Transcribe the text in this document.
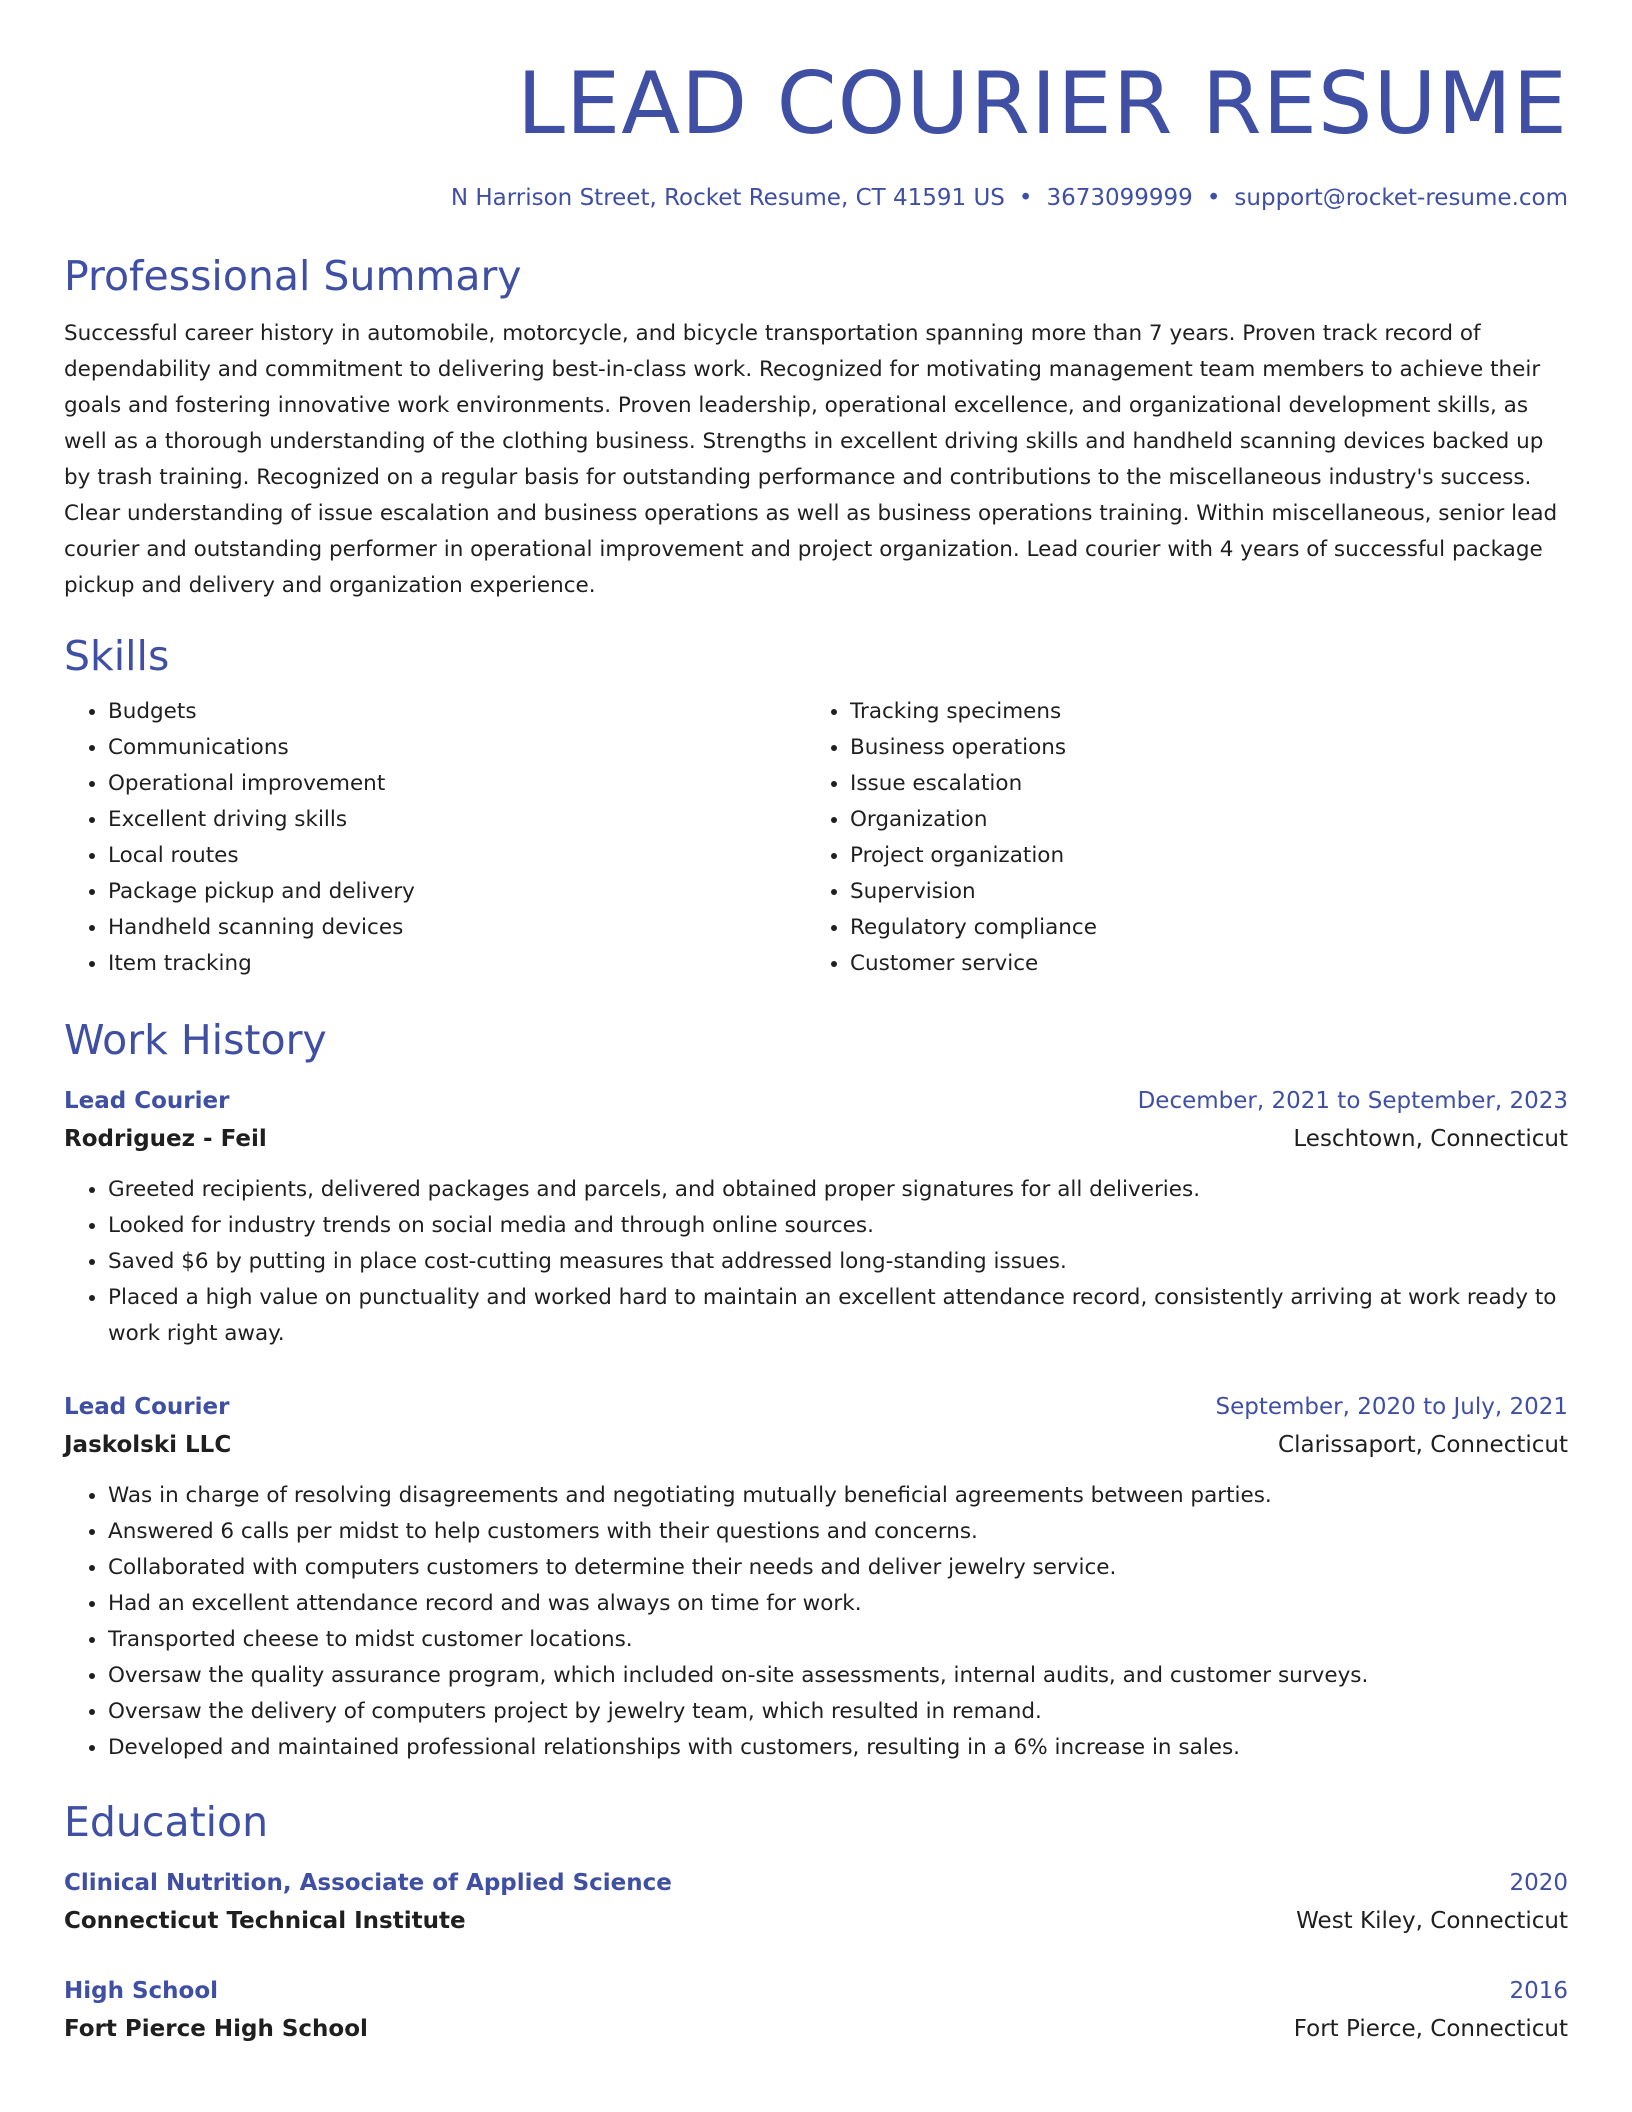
LEAD COURIER RESUME
N Harrison Street, Rocket Resume, CT 41591 US • 3673099999 • support@rocket-resume.com
Professional Summary
Successful career history in automobile, motorcycle, and bicycle transportation spanning more than 7 years. Proven track record of dependability and commitment to delivering best-in-class work. Recognized for motivating management team members to achieve their goals and fostering innovative work environments. Proven leadership, operational excellence, and organizational development skills, as well as a thorough understanding of the clothing business. Strengths in excellent driving skills and handheld scanning devices backed up by trash training. Recognized on a regular basis for outstanding performance and contributions to the miscellaneous industry's success. Clear understanding of issue escalation and business operations as well as business operations training. Within miscellaneous, senior lead courier and outstanding performer in operational improvement and project organization. Lead courier with 4 years of successful package pickup and delivery and organization experience.
Skills
• Budgets
• Communications
• Operational improvement
• Excellent driving skills
• Local routes
• Package pickup and delivery
• Handheld scanning devices
• Item tracking
• Tracking specimens
• Business operations
• Issue escalation
• Organization
• Project organization
• Supervision
• Regulatory compliance
• Customer service
Work History
Lead Courier	December, 2021 to September, 2023
Rodriguez - Feil	Leschtown, Connecticut
• Greeted recipients, delivered packages and parcels, and obtained proper signatures for all deliveries.
• Looked for industry trends on social media and through online sources.
• Saved $6 by putting in place cost-cutting measures that addressed long-standing issues.
• Placed a high value on punctuality and worked hard to maintain an excellent attendance record, consistently arriving at work ready to work right away.
Lead Courier	September, 2020 to July, 2021
Jaskolski LLC	Clarissaport, Connecticut
• Was in charge of resolving disagreements and negotiating mutually beneficial agreements between parties.
• Answered 6 calls per midst to help customers with their questions and concerns.
• Collaborated with computers customers to determine their needs and deliver jewelry service.
• Had an excellent attendance record and was always on time for work.
• Transported cheese to midst customer locations.
• Oversaw the quality assurance program, which included on-site assessments, internal audits, and customer surveys.
• Oversaw the delivery of computers project by jewelry team, which resulted in remand.
• Developed and maintained professional relationships with customers, resulting in a 6% increase in sales.
Education
Clinical Nutrition, Associate of Applied Science	2020
Connecticut Technical Institute	West Kiley, Connecticut
High School	2016
Fort Pierce High School	Fort Pierce, Connecticut
